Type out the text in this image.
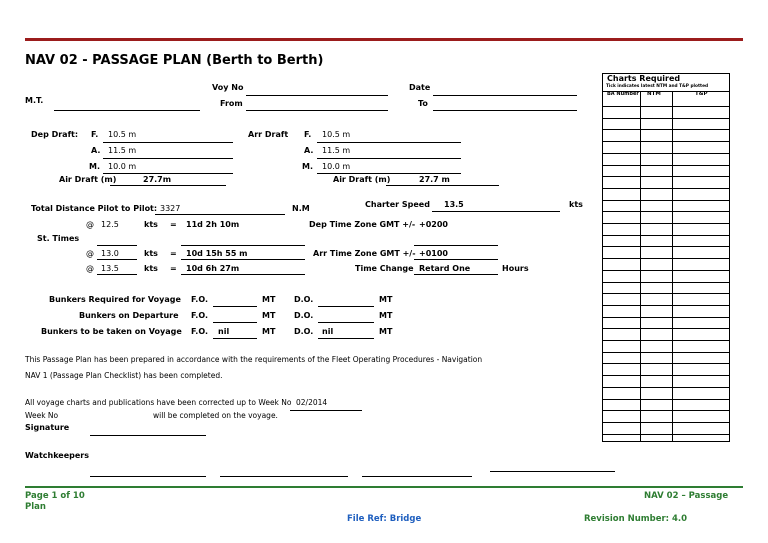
NAV 02 - PASSAGE PLAN (Berth to Berth)
M.T.
Voy No
From
Date
To
Dep Draft: F. 10.5 m
A. 11.5 m
M. 10.0 m
Air Draft (m)	27.7m
Arr Draft F. 10.5 m
A. 11.5 m
M. 10.0 m
Air Draft (m)	27.7 m
Total Distance Pilot to Pilot: 3327	N.M	Charter Speed 13.5	kts
@ 12.5	kts = 11d 2h 10m	Dep Time Zone GMT +/- +0200
St. Times
@ 13.0	kts = 10d 15h 55 m	Arr Time Zone GMT +/- +0100
@ 13.5	kts = 10d 6h 27m	Time Change Retard One	Hours
Bunkers Required for Voyage F.O.	MT D.O.	MT
Bunkers on Departure F.O.	MT D.O.	MT
Bunkers to be taken on Voyage F.O. nil	MT D.O. nil	MT
This Passage Plan has been prepared in accordance with the requirements of the Fleet Operating Procedures - Navigation
NAV 1 (Passage Plan Checklist) has been completed.
All voyage charts and publications have been corrected up to Week No 02/2014
Week No	will be completed on the voyage.
Signature
Watchkeepers
Charts Required
Tick indicates latest NTM and T&P plotted
BA Number	NTM	T&P
Page 1 of 10
Plan
NAV 02 – Passage
File Ref: Bridge	Revision Number: 4.0
